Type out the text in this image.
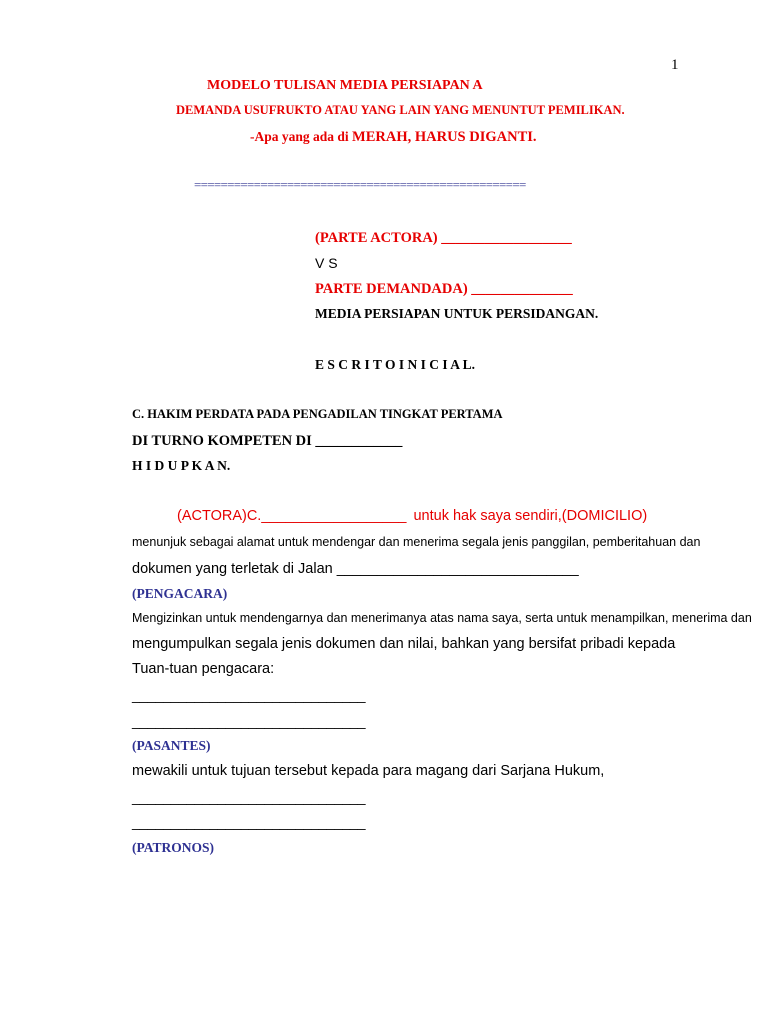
1
MODELO TULISAN MEDIA PERSIAPAN A
DEMANDA USUFRUKTO ATAU YANG LAIN YANG MENUNTUT PEMILIKAN.
-Apa yang ada di MERAH, HARUS DIGANTI.
==================================================
(PARTE ACTORA) __________________
V S
PARTE DEMANDADA) ______________
MEDIA PERSIAPAN UNTUK PERSIDANGAN.
E S C R I T O I N I C I A L.
C. HAKIM PERDATA PADA PENGADILAN TINGKAT PERTAMA
DI TURNO KOMPETEN DI ____________
H I D U P K A N.
(ACTORA)C.__________________ untuk hak saya sendiri,(DOMICILIO)
menunjuk sebagai alamat untuk mendengar dan menerima segala jenis panggilan, pemberitahuan dan
dokumen yang terletak di Jalan ______________________________
(PENGACARA)
Mengizinkan untuk mendengarnya dan menerimanya atas nama saya, serta untuk menampilkan, menerima dan
mengumpulkan segala jenis dokumen dan nilai, bahkan yang bersifat pribadi kepada
Tuan-tuan pengacara:
______________________________
______________________________
(PASANTES)
mewakili untuk tujuan tersebut kepada para magang dari Sarjana Hukum,
______________________________
______________________________
(PATRONOS)
